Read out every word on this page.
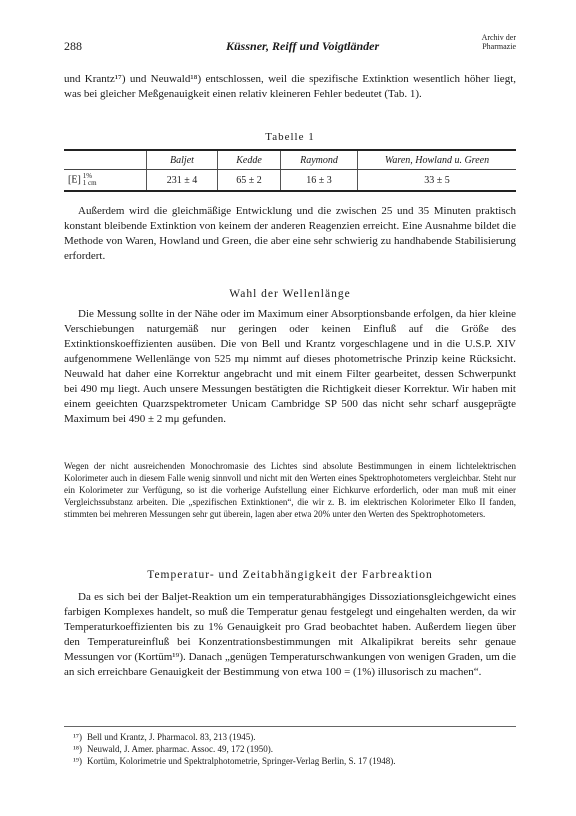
288	Küssner, Reiff und Voigtländer
Archiv der
Pharmazie

und Krantz¹⁷) und Neuwald¹⁸) entschlossen, weil die spezifische Extinktion wesentlich höher liegt, was bei gleicher Meßgenauigkeit einen relativ kleineren Fehler bedeutet (Tab. 1).

Tabelle 1
	Baljet	Kedde	Raymond	Waren, Howland u. Green
[E] 1%
1 cm	231 ± 4	65 ± 2	16 ± 3	33 ± 5

Außerdem wird die gleichmäßige Entwicklung und die zwischen 25 und 35 Minuten praktisch konstant bleibende Extinktion von keinem der anderen Reagenzien erreicht. Eine Ausnahme bildet die Methode von Waren, Howland und Green, die aber eine sehr schwierig zu handhabende Stabilisierung erfordert.

Wahl der Wellenlänge

Die Messung sollte in der Nähe oder im Maximum einer Absorptionsbande erfolgen, da hier kleine Verschiebungen naturgemäß nur geringen oder keinen Einfluß auf die Größe des Extinktionskoeffizienten ausüben. Die von Bell und Krantz vorgeschlagene und in die U.S.P. XIV aufgenommene Wellenlänge von 525 mμ nimmt auf dieses photometrische Prinzip keine Rücksicht. Neuwald hat daher eine Korrektur angebracht und mit einem Filter gearbeitet, dessen Schwerpunkt bei 490 mμ liegt. Auch unsere Messungen bestätigten die Richtigkeit dieser Korrektur. Wir haben mit einem geeichten Quarzspektrometer Unicam Cambridge SP 500 das nicht sehr scharf ausgeprägte Maximum bei 490 ± 2 mμ gefunden.

Wegen der nicht ausreichenden Monochromasie des Lichtes sind absolute Bestimmungen in einem lichtelektrischen Kolorimeter auch in diesem Falle wenig sinnvoll und nicht mit den Werten eines Spektrophotometers vergleichbar. Steht nur ein Kolorimeter zur Verfügung, so ist die vorherige Aufstellung einer Eichkurve erforderlich, oder man muß mit einer Vergleichssubstanz arbeiten. Die „spezifischen Extinktionen“, die wir z. B. im elektrischen Kolorimeter Elko II fanden, stimmten bei mehreren Messungen sehr gut überein, lagen aber etwa 20% unter den Werten des Spektrophotometers.

Temperatur- und Zeitabhängigkeit der Farbreaktion

Da es sich bei der Baljet-Reaktion um ein temperaturabhängiges Dissoziationsgleichgewicht eines farbigen Komplexes handelt, so muß die Temperatur genau festgelegt und eingehalten werden, da wir Temperaturkoeffizienten bis zu 1% Genauigkeit pro Grad beobachtet haben. Außerdem liegen über den Temperatureinfluß bei Konzentrationsbestimmungen mit Alkalipikrat bereits sehr genaue Messungen vor (Kortüm¹⁹). Danach „genügen Temperaturschwankungen von wenigen Graden, um die an sich erreichbare Genauigkeit der Bestimmung von etwa 100 = (1%) illusorisch zu machen“.

¹⁷) Bell und Krantz, J. Pharmacol. 83, 213 (1945).

¹⁸) Neuwald, J. Amer. pharmac. Assoc. 49, 172 (1950).

¹⁹) Kortüm, Kolorimetrie und Spektralphotometrie, Springer-Verlag Berlin, S. 17 (1948).
